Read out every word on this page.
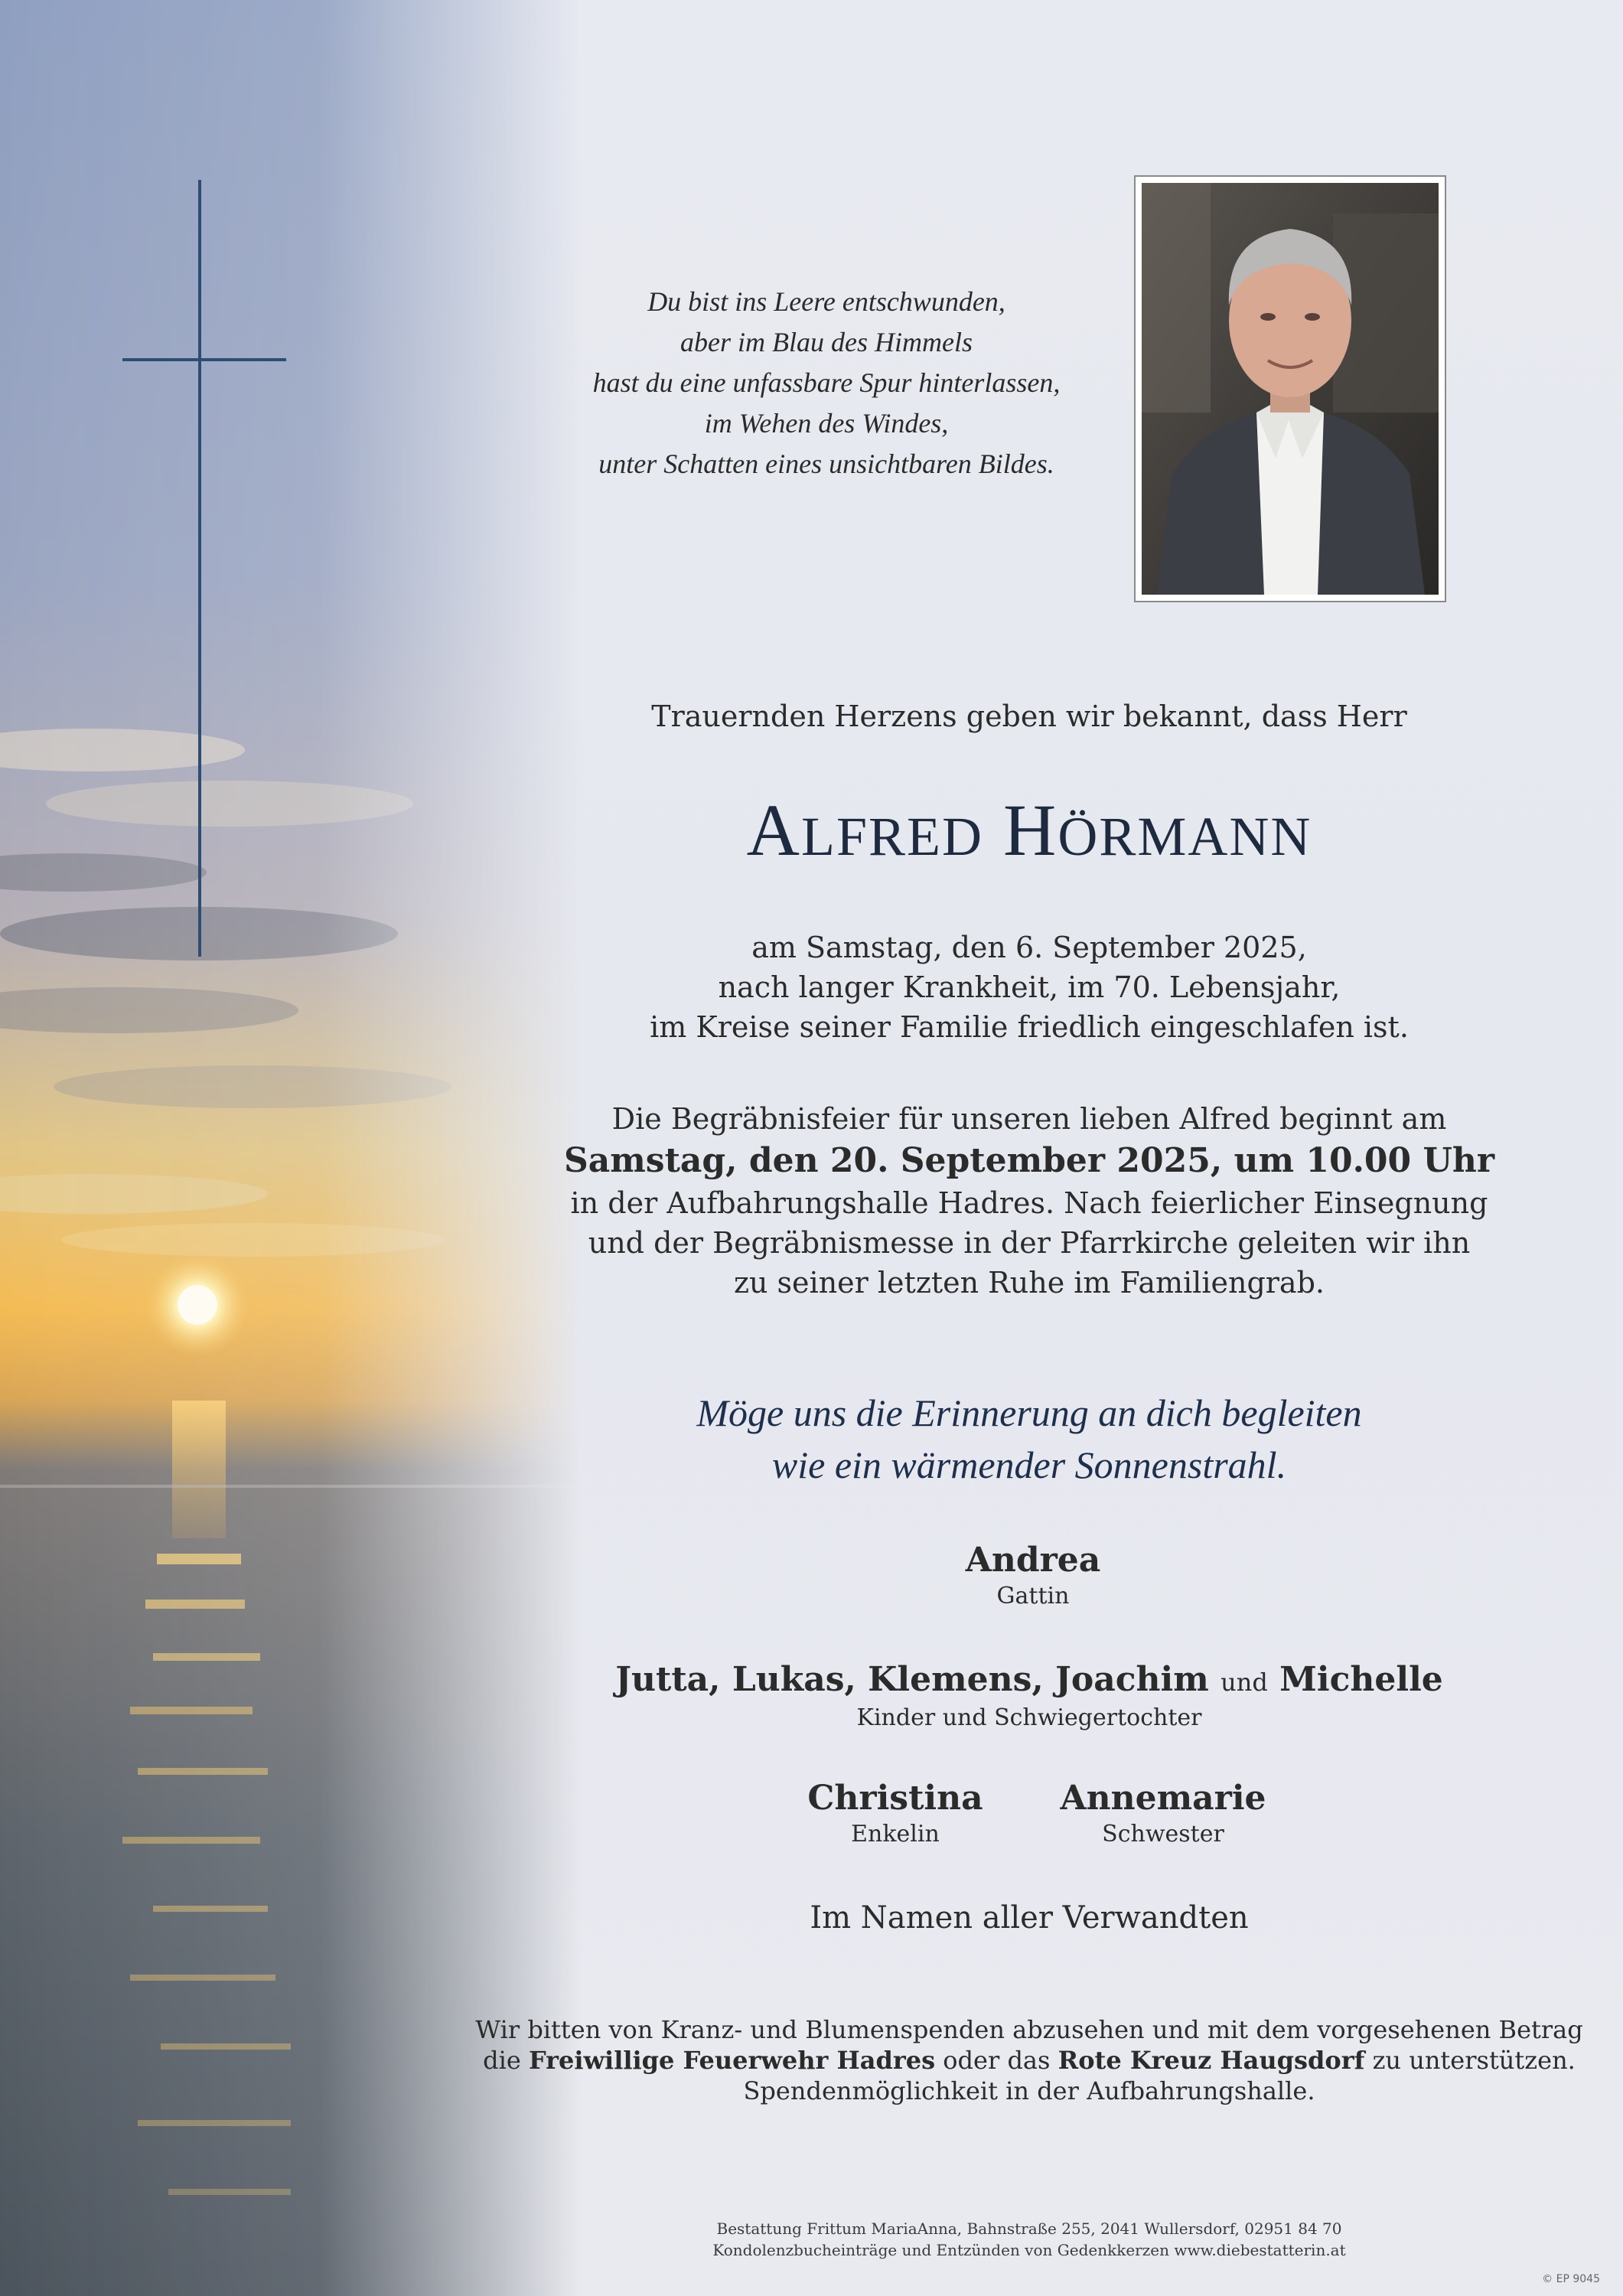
Du bist ins Leere entschwunden,
aber im Blau des Himmels
hast du eine unfassbare Spur hinterlassen,
im Wehen des Windes,
unter Schatten eines unsichtbaren Bildes.
Trauernden Herzens geben wir bekannt, dass Herr
ALFRED HÖRMANN
am Samstag, den 6. September 2025,
nach langer Krankheit, im 70. Lebensjahr,
im Kreise seiner Familie friedlich eingeschlafen ist.
Die Begräbnisfeier für unseren lieben Alfred beginnt am
Samstag, den 20. September 2025, um 10.00 Uhr
in der Aufbahrungshalle Hadres. Nach feierlicher Einsegnung
und der Begräbnismesse in der Pfarrkirche geleiten wir ihn
zu seiner letzten Ruhe im Familiengrab.
Möge uns die Erinnerung an dich begleiten
wie ein wärmender Sonnenstrahl.
Andrea
Gattin
Jutta, Lukas, Klemens, Joachim und Michelle
Kinder und Schwiegertochter
Christina
Enkelin
Annemarie
Schwester
Im Namen aller Verwandten
Wir bitten von Kranz- und Blumenspenden abzusehen und mit dem vorgesehenen Betrag
die Freiwillige Feuerwehr Hadres oder das Rote Kreuz Haugsdorf zu unterstützen.
Spendenmöglichkeit in der Aufbahrungshalle.
Bestattung Frittum MariaAnna, Bahnstraße 255, 2041 Wullersdorf, 02951 84 70
Kondolenzbucheinträge und Entzünden von Gedenkkerzen www.diebestatterin.at
© EP 9045
